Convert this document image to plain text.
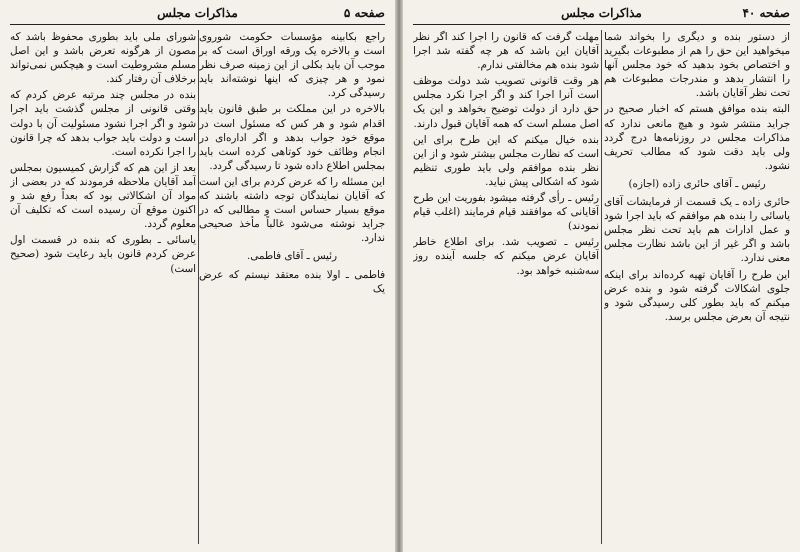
صفحه ۵
مذاکرات مجلس

راجع بکابینه مؤسسات حکومت شوروی است و بالاخره یک ورقه اوراق است که بر موجب آن باید بکلی از این زمینه صرف نظر نمود و هر چیزی که اینها نوشته‌اند باید رسیدگی کرد.

بالاخره در این مملکت بر طبق قانون باید اقدام شود و هر کس که مسئول است در موقع خود جواب بدهد و اگر اداره‌ای در انجام وظائف خود کوتاهی کرده است باید بمجلس اطلاع داده شود تا رسیدگی گردد.

این مسئله را که عرض کردم برای این است که آقایان نمایندگان توجه داشته باشند که موقع بسیار حساس است و مطالبی که در جراید نوشته می‌شود غالباً مأخذ صحیحی ندارد.

رئیس ـ آقای فاطمی.

فاطمی ـ اولا بنده معتقد نیستم که عرض یک

شورای ملی باید بطوری محفوظ باشد که مصون از هرگونه تعرض باشد و این اصل مسلم مشروطیت است و هیچکس نمی‌تواند برخلاف آن رفتار کند.

بنده در مجلس چند مرتبه عرض کردم که وقتی قانونی از مجلس گذشت باید اجرا شود و اگر اجرا نشود مسئولیت آن با دولت است و دولت باید جواب بدهد که چرا قانون را اجرا نکرده است.

بعد از این هم که گزارش کمیسیون بمجلس آمد آقایان ملاحظه فرمودند که در بعضی از مواد آن اشکالاتی بود که بعداً رفع شد و اکنون موقع آن رسیده است که تکلیف آن معلوم گردد.

یاسائی ـ بطوری که بنده در قسمت اول عرض کردم قانون باید رعایت شود (صحیح است)

صفحه ۴۰
مذاکرات مجلس

از دستور بنده و دیگری را بخواند شما میخواهید این حق را هم از مطبوعات بگیرید و اختصاص بخود بدهید که خود مجلس آنها را انتشار بدهد و مندرجات مطبوعات هم تحت نظر آقایان باشد.

البته بنده موافق هستم که اخبار صحیح در جراید منتشر شود و هیچ مانعی ندارد که مذاکرات مجلس در روزنامه‌ها درج گردد ولی باید دقت شود که مطالب تحریف نشود.

رئیس ـ آقای حائری زاده (اجازه)

حائری زاده ـ یک قسمت از فرمایشات آقای یاسائی را بنده هم موافقم که باید اجرا شود و عمل ادارات هم باید تحت نظر مجلس باشد و اگر غیر از این باشد نظارت مجلس معنی ندارد.

این طرح را آقایان تهیه کرده‌اند برای اینکه جلوی اشکالات گرفته شود و بنده عرض میکنم که باید بطور کلی رسیدگی شود و نتیجه آن بعرض مجلس برسد.

مهلت گرفت که قانون را اجرا کند اگر نظر آقایان این باشد که هر چه گفته شد اجرا شود بنده هم مخالفتی ندارم.

هر وقت قانونی تصویب شد دولت موظف است آنرا اجرا کند و اگر اجرا نکرد مجلس حق دارد از دولت توضیح بخواهد و این یک اصل مسلم است که همه آقایان قبول دارند.

بنده خیال میکنم که این طرح برای این است که نظارت مجلس بیشتر شود و از این نظر بنده موافقم ولی باید طوری تنظیم شود که اشکالی پیش نیاید.

رئیس ـ رأی گرفته میشود بفوریت این طرح آقایانی که موافقند قیام فرمایند (اغلب قیام نمودند)

رئیس ـ تصویب شد. برای اطلاع خاطر آقایان عرض میکنم که جلسه آینده روز سه‌شنبه خواهد بود.
